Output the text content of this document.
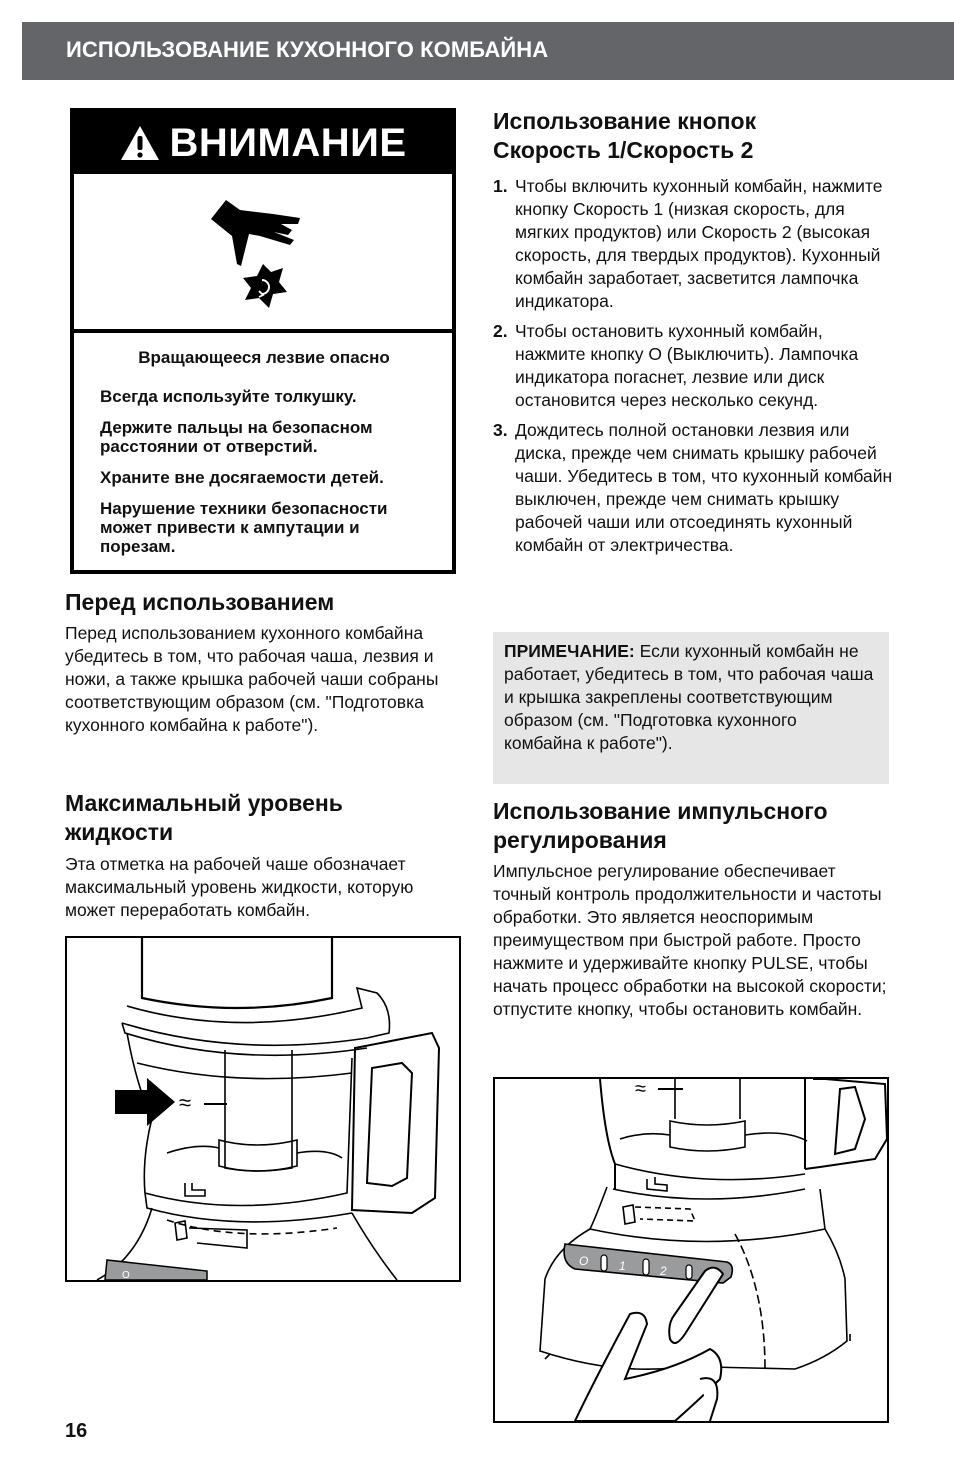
ИСПОЛЬЗОВАНИЕ КУХОННОГО КОМБАЙНА
ВНИМАНИЕ
Вращающееся лезвие опасно

Всегда используйте толкушку.

Держите пальцы на безопасном расстоянии от отверстий.

Храните вне досягаемости детей.

Нарушение техники безопасности может привести к ампутации и порезам.

Перед использованием

Перед использованием кухонного комбайна убедитесь в том, что рабочая чаша, лезвия и ножи, а также крышка рабочей чаши собраны соответствующим образом (см. "Подготовка кухонного комбайна к работе").

Максимальный уровень жидкости

Эта отметка на рабочей чаше обозначает максимальный уровень жидкости, которую может переработать комбайн.

O
≈
Использование кнопок Скорость 1/Скорость 2
1. Чтобы включить кухонный комбайн, нажмите кнопку Скорость 1 (низкая скорость, для мягких продуктов) или Скорость 2 (высокая скорость, для твердых продуктов). Кухонный комбайн заработает, засветится лампочка индикатора.
2. Чтобы остановить кухонный комбайн, нажмите кнопку O (Выключить). Лампочка индикатора погаснет, лезвие или диск остановится через несколько секунд.
3. Дождитесь полной остановки лезвия или диска, прежде чем снимать крышку рабочей чаши. Убедитесь в том, что кухонный комбайн выключен, прежде чем снимать крышку рабочей чаши или отсоединять кухонный комбайн от электричества.
ПРИМЕЧАНИЕ: Если кухонный комбайн не работает, убедитесь в том, что рабочая чаша и крышка закреплены соответствующим образом (см. "Подготовка кухонного комбайна к работе").
Использование импульсного регулирования

Импульсное регулирование обеспечивает точный контроль продолжительности и частоты обработки. Это является неоспоримым преимуществом при быстрой работе. Просто нажмите и удерживайте кнопку PULSE, чтобы начать процесс обработки на высокой скорости; отпустите кнопку, чтобы остановить комбайн.

O	1	2
≈
16
